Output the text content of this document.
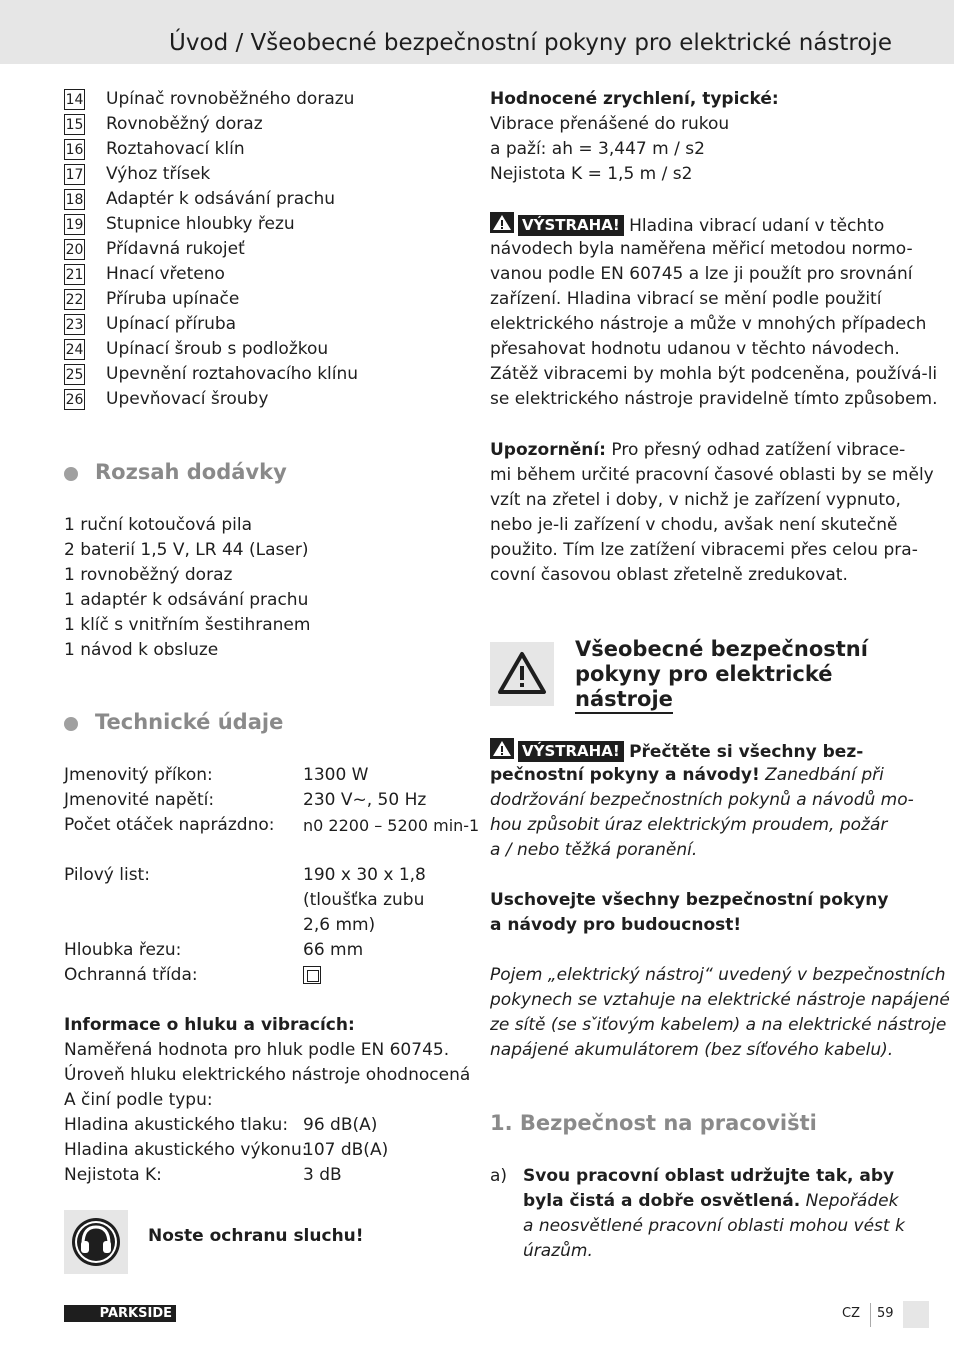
Úvod / Všeobecné bezpečnostní pokyny pro elektrické nástroje
14 Upínač rovnoběžného dorazu
15 Rovnoběžný doraz
16 Roztahovací klín
17 Výhoz třísek
18 Adaptér k odsávání prachu
19 Stupnice hloubky řezu
20 Přídavná rukojeť
21 Hnací vřeteno
22 Příruba upínače
23 Upínací příruba
24 Upínací šroub s podložkou
25 Upevnění roztahovacího klínu
26 Upevňovací šrouby
Rozsah dodávky
1 ruční kotoučová pila
2 baterií 1,5 V, LR 44 (Laser)
1 rovnoběžný doraz
1 adaptér k odsávání prachu
1 klíč s vnitřním šestihranem
1 návod k obsluze
Technické údaje
Jmenovitý příkon:	1300 W
Jmenovité napětí:	230 V~, 50 Hz
Počet otáček naprázdno: n0 2200 – 5200 min-1
Pilový list:	190 x 30 x 1,8
(tloušťka zubu
2,6 mm)
Hloubka řezu:	66 mm
Ochranná třída:
Informace o hluku a vibracích:
Naměřená hodnota pro hluk podle EN 60745.
Úroveň hluku elektrického nástroje ohodnocená
A činí podle typu:
Hladina akustického tlaku: 96 dB(A)
Hladina akustického výkonu:
107 dB(A)
Nejistota K:	3 dB
Noste ochranu sluchu!
Hodnocené zrychlení, typické:
Vibrace přenášené do rukou
a paží: ah = 3,447 m / s2
Nejistota K = 1,5 m / s2
VÝSTRAHA! Hladina vibrací udaní v těchto
návodech byla naměřena měřicí metodou normo-
vanou podle EN 60745 a lze ji použít pro srovnání
zařízení. Hladina vibrací se mění podle použití
elektrického nástroje a může v mnohých případech
přesahovat hodnotu udanou v těchto návodech.
Zátěž vibracemi by mohla být podceněna, používá-li
se elektrického nástroje pravidelně tímto způsobem.
Upozornění: Pro přesný odhad zatížení vibrace-
mi během určité pracovní časové oblasti by se měly
vzít na zřetel i doby, v nichž je zařízení vypnuto,
nebo je-li zařízení v chodu, avšak není skutečně
použito. Tím lze zatížení vibracemi přes celou pra-
covní časovou oblast zřetelně zredukovat.
Všeobecné bezpečnostní
pokyny pro elektrické
nástroje
VÝSTRAHA! Přečtěte si všechny bez-
pečnostní pokyny a návody! Zanedbání při
dodržování bezpečnostních pokynů a návodů mo-
hou způsobit úraz elektrickým proudem, požár
a / nebo těžká poranění.
Uschovejte všechny bezpečnostní pokyny
a návody pro budoucnost!
Pojem „elektrický nástroj“ uvedený v bezpečnostních
pokynech se vztahuje na elektrické nástroje napájené
ze sítě (se s ̌iťovým kabelem) a na elektrické nástroje
napájené akumulátorem (bez síťového kabelu).
1. Bezpečnost na pracovišti
a) Svou pracovní oblast udržujte tak, aby
byla čistá a dobře osvětlená. Nepořádek
a neosvětlené pracovní oblasti mohou vést k
úrazům.
PARKSIDE	CZ 59
